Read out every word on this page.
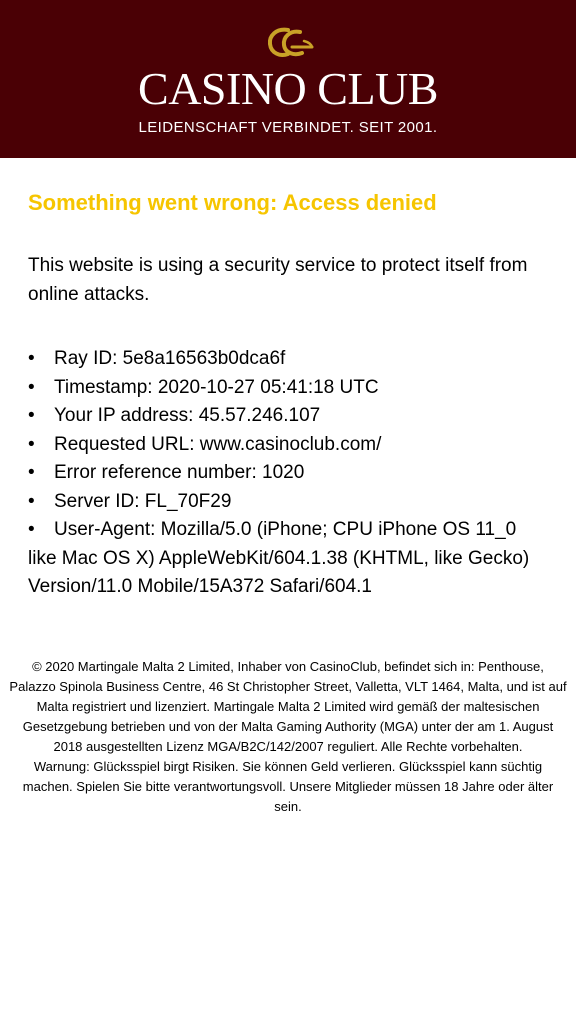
CASINO CLUB
LEIDENSCHAFT VERBINDET. SEIT 2001.
Something went wrong: Access denied

This website is using a security service to protect itself from online attacks.

• Ray ID: 5e8a16563b0dca6f
• Timestamp: 2020-10-27 05:41:18 UTC
• Your IP address: 45.57.246.107
• Requested URL: www.casinoclub.com/
• Error reference number: 1020
• Server ID: FL_70F29
• User-Agent: Mozilla/5.0 (iPhone; CPU iPhone OS 11_0 like Mac OS X) AppleWebKit/604.1.38 (KHTML, like Gecko) Version/11.0 Mobile/15A372 Safari/604.1

© 2020 Martingale Malta 2 Limited, Inhaber von CasinoClub, befindet sich in: Penthouse, Palazzo Spinola Business Centre, 46 St Christopher Street, Valletta, VLT 1464, Malta, und ist auf Malta registriert und lizenziert. Martingale Malta 2 Limited wird gemäß der maltesischen Gesetzgebung betrieben und von der Malta Gaming Authority (MGA) unter der am 1. August 2018 ausgestellten Lizenz MGA/B2C/142/2007 reguliert. Alle Rechte vorbehalten.

Warnung: Glücksspiel birgt Risiken. Sie können Geld verlieren. Glücksspiel kann süchtig machen. Spielen Sie bitte verantwortungsvoll. Unsere Mitglieder müssen 18 Jahre oder älter sein.
